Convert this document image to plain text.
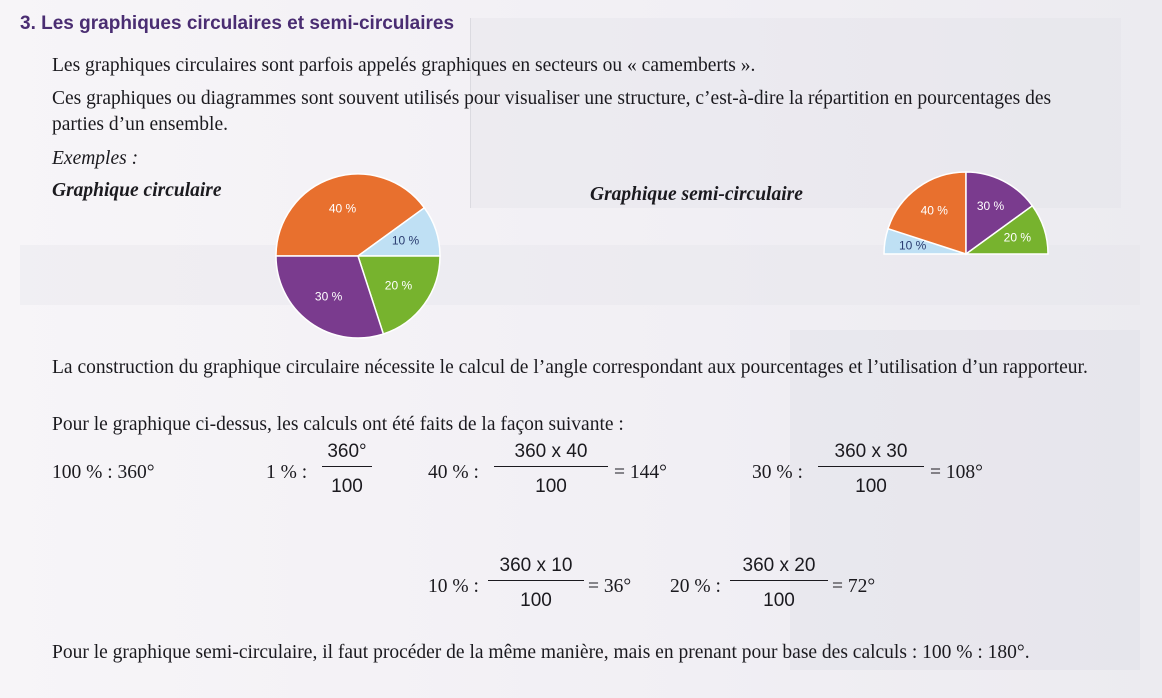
3. Les graphiques circulaires et semi-circulaires

Les graphiques circulaires sont parfois appelés graphiques en secteurs ou « camemberts ».

Ces graphiques ou diagrammes sont souvent utilisés pour visualiser une structure, c’est-à-dire la répartition en pourcentages des parties d’un ensemble.

Exemples :
Graphique circulaire	Graphique semi-circulaire
40 %
10 %
20 %
30 %
10 %
40 % 30 %
20 %

La construction du graphique circulaire nécessite le calcul de l’angle correspondant aux pourcentages et l’utilisation d’un rapporteur.

Pour le graphique ci-dessus, les calculs ont été faits de la façon suivante :

100 % : 360°	1 % :
360°
100
40 % :
360 x 40
100
= 144°	30 % :
360 x 30
100
= 108°
10 % :
360 x 10
100
= 36° 20 % :
360 x 20
100
= 72°

Pour le graphique semi-circulaire, il faut procéder de la même manière, mais en prenant pour base des calculs : 100 % : 180°.
